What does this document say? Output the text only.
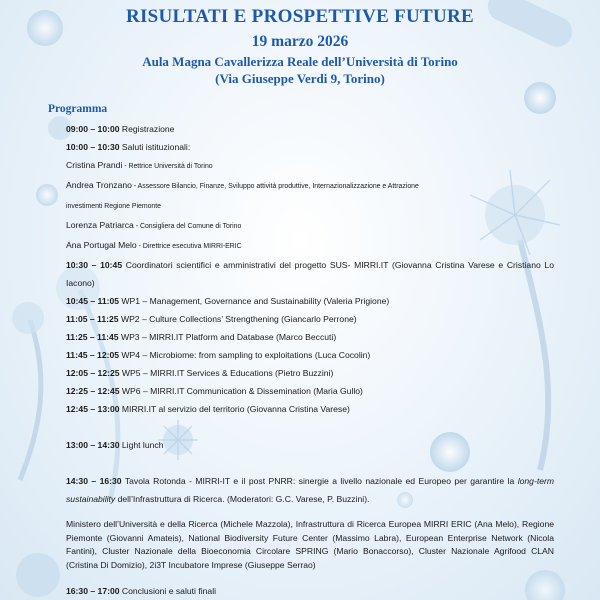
RISULTATI E PROSPETTIVE FUTURE
19 marzo 2026
Aula Magna Cavallerizza Reale dell’Università di Torino
(Via Giuseppe Verdi 9, Torino)
Programma
09:00 – 10:00 Registrazione
10:00 – 10:30 Saluti istituzionali:
Cristina Prandi - Rettrice Università di Torino
Andrea Tronzano - Assessore Bilancio, Finanze, Sviluppo attività produttive, Internazionalizzazione e Attrazione
investimenti Regione Piemonte
Lorenza Patriarca - Consigliera del Comune di Torino
Ana Portugal Melo - Direttrice esecutiva MIRRI-ERIC
10:30 – 10:45 Coordinatori scientifici e amministrativi del progetto SUS- MIRRI.IT (Giovanna Cristina Varese e Cristiano Lo Iacono)
10:45 – 11:05 WP1 – Management, Governance and Sustainability (Valeria Prigione)
11:05 – 11:25 WP2 – Culture Collections’ Strengthening (Giancarlo Perrone)
11:25 – 11:45 WP3 – MIRRI.IT Platform and Database (Marco Beccuti)
11:45 – 12:05 WP4 – Microbiome: from sampling to exploitations (Luca Cocolin)
12:05 – 12:25 WP5 – MIRRI.IT Services & Educations (Pietro Buzzini)
12:25 – 12:45 WP6 – MIRRI.IT Communication & Dissemination (Maria Gullo)
12:45 – 13:00 MIRRI.IT al servizio del territorio (Giovanna Cristina Varese)
13:00 – 14:30 Light lunch
14:30 – 16:30 Tavola Rotonda - MIRRI-IT e il post PNRR: sinergie a livello nazionale ed Europeo per garantire la long-term sustainability dell’Infrastruttura di Ricerca. (Moderatori: G.C. Varese, P. Buzzini).
Ministero dell’Università e della Ricerca (Michele Mazzola), Infrastruttura di Ricerca Europea MIRRI ERIC (Ana Melo), Regione Piemonte (Giovanni Amateis), National Biodiversity Future Center (Massimo Labra), European Enterprise Network (Nicola Fantini), Cluster Nazionale della Bioeconomia Circolare SPRING (Mario Bonaccorso), Cluster Nazionale Agrifood CLAN (Cristina Di Domizio), 2i3T Incubatore Imprese (Giuseppe Serrao)
16:30 – 17:00 Conclusioni e saluti finali
